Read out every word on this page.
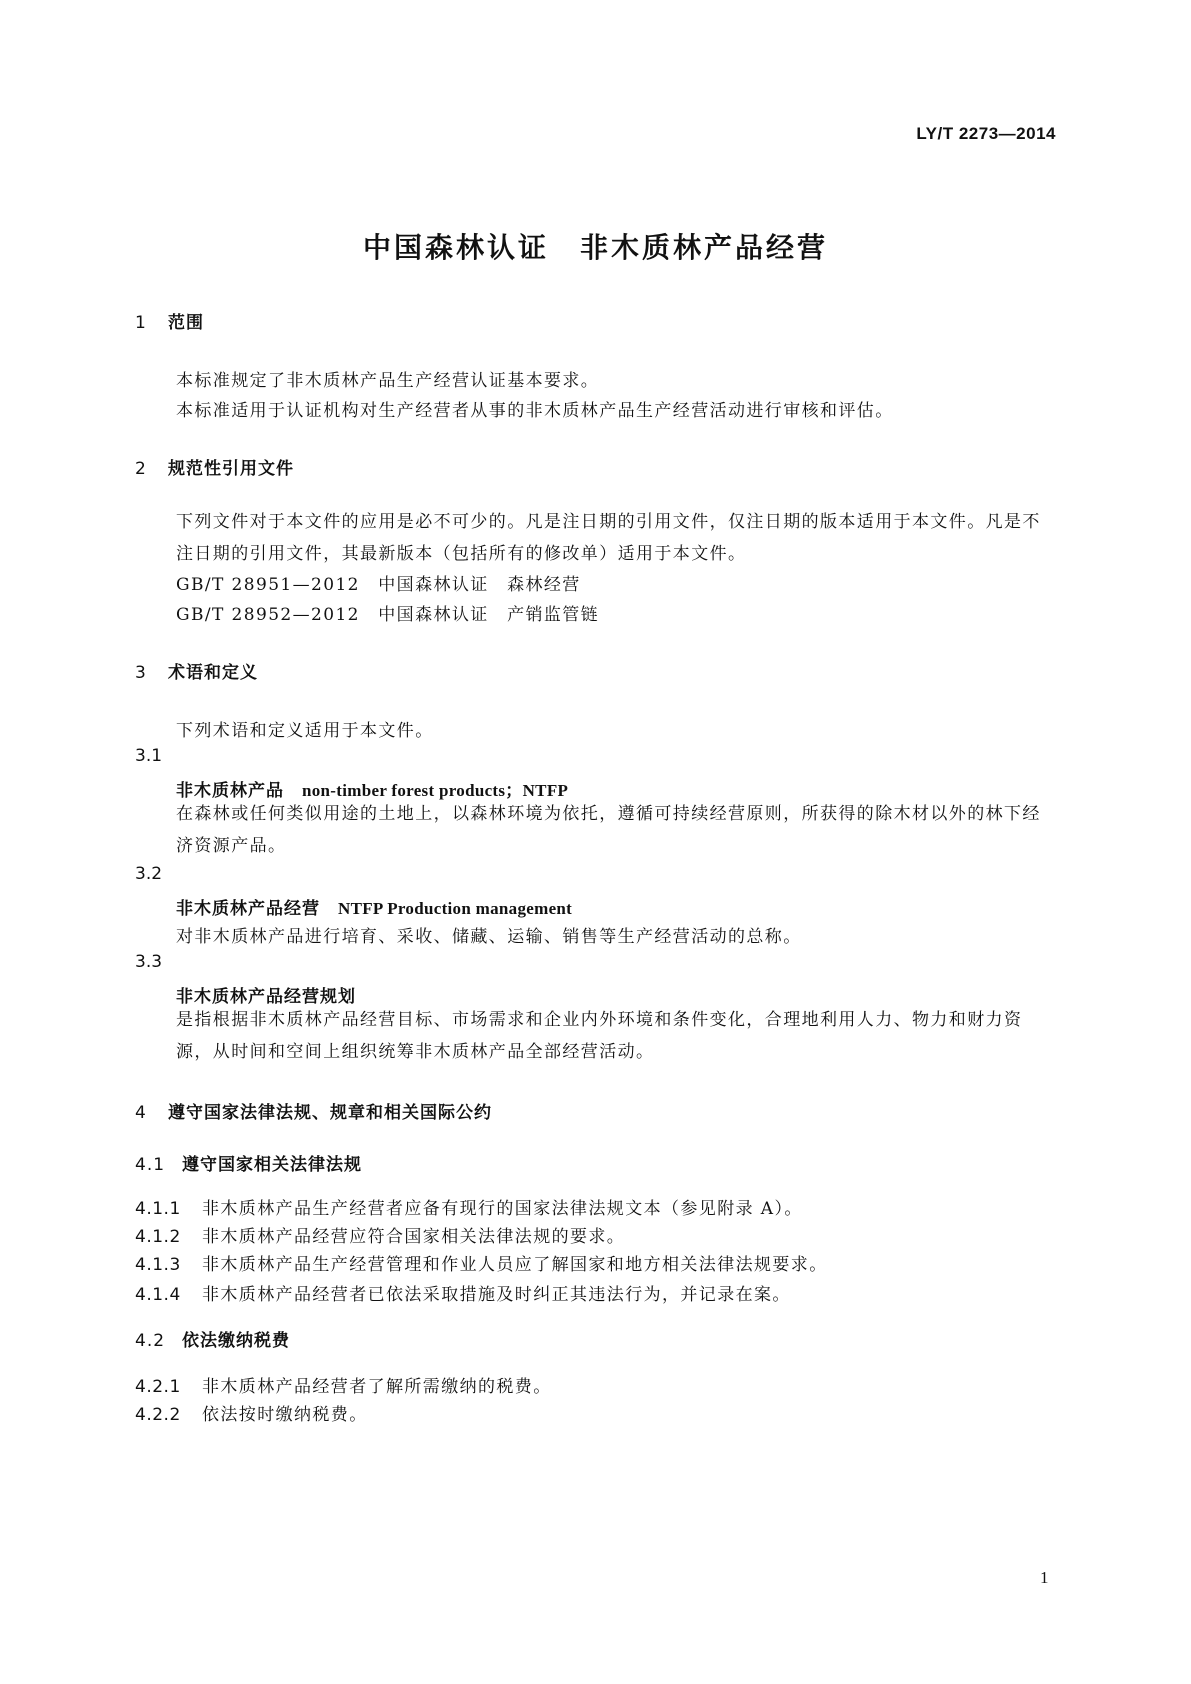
LY/T 2273—2014
中国森林认证　非木质林产品经营
1 范围
本标准规定了非木质林产品生产经营认证基本要求。
本标准适用于认证机构对生产经营者从事的非木质林产品生产经营活动进行审核和评估。
2 规范性引用文件
下列文件对于本文件的应用是必不可少的。凡是注日期的引用文件，仅注日期的版本适用于本文件。凡是不注日期的引用文件，其最新版本（包括所有的修改单）适用于本文件。
GB/T 28951—2012　中国森林认证　森林经营
GB/T 28952—2012　中国森林认证　产销监管链
3 术语和定义
下列术语和定义适用于本文件。
3.1
非木质林产品　 non-timber forest products；NTFP
在森林或任何类似用途的土地上，以森林环境为依托，遵循可持续经营原则，所获得的除木材以外的林下经济资源产品。
3.2
非木质林产品经营　 NTFP Production management
对非木质林产品进行培育、采收、储藏、运输、销售等生产经营活动的总称。
3.3
非木质林产品经营规划
是指根据非木质林产品经营目标、市场需求和企业内外环境和条件变化，合理地利用人力、物力和财力资源，从时间和空间上组织统筹非木质林产品全部经营活动。
4 遵守国家法律法规、规章和相关国际公约
4.1 遵守国家相关法律法规
4.1.1 非木质林产品生产经营者应备有现行的国家法律法规文本（参见附录 A）。
4.1.2 非木质林产品经营应符合国家相关法律法规的要求。
4.1.3 非木质林产品生产经营管理和作业人员应了解国家和地方相关法律法规要求。
4.1.4 非木质林产品经营者已依法采取措施及时纠正其违法行为，并记录在案。
4.2 依法缴纳税费
4.2.1 非木质林产品经营者了解所需缴纳的税费。
4.2.2 依法按时缴纳税费。
1
